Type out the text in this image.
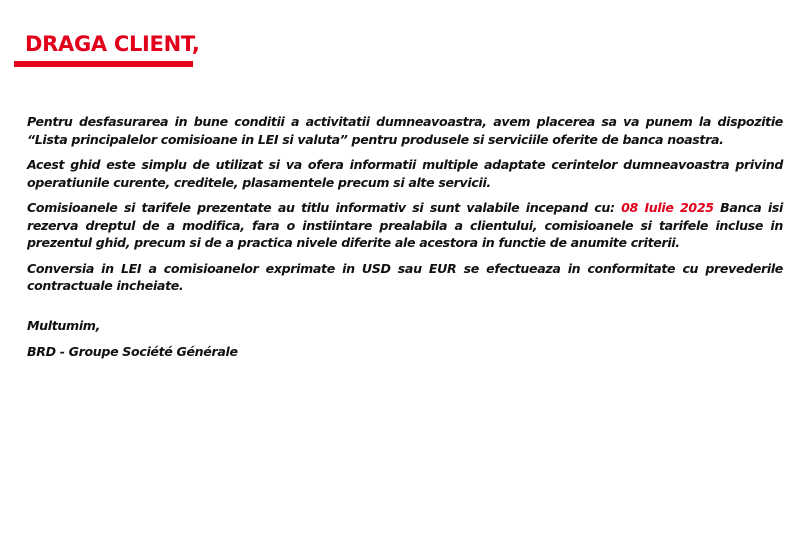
DRAGA CLIENT,

Pentru desfasurarea in bune conditii a activitatii dumneavoastra, avem placerea sa va punem la dispozitie “Lista principalelor comisioane in LEI si valuta” pentru produsele si serviciile oferite de banca noastra.

Acest ghid este simplu de utilizat si va ofera informatii multiple adaptate cerintelor dumneavoastra privind operatiunile curente, creditele, plasamentele precum si alte servicii.

Comisioanele si tarifele prezentate au titlu informativ si sunt valabile incepand cu: 08 Iulie 2025 Banca isi rezerva dreptul de a modifica, fara o instiintare prealabila a clientului, comisioanele si tarifele incluse in prezentul ghid, precum si de a practica nivele diferite ale acestora in functie de anumite criterii.

Conversia in LEI a comisioanelor exprimate in USD sau EUR se efectueaza in conformitate cu prevederile contractuale incheiate.

Multumim,

BRD - Groupe Société Générale
